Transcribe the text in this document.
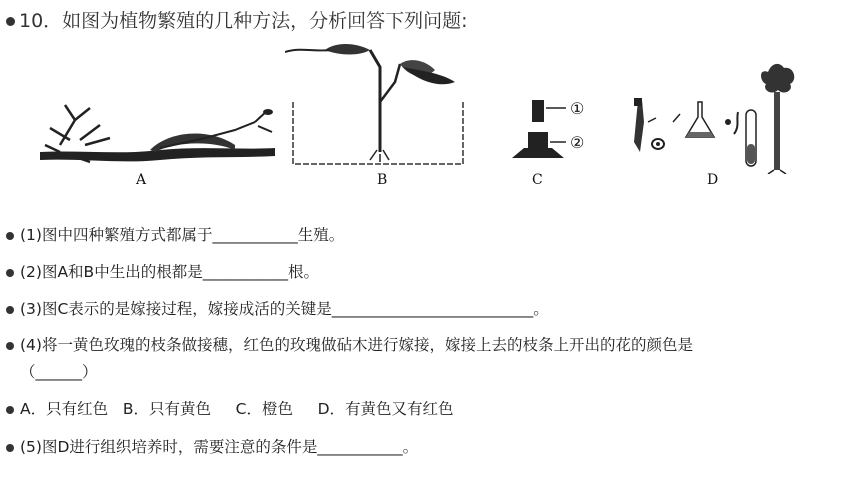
10．如图为植物繁殖的几种方法，分析回答下列问题:
A	B
①
②
C	D
(1)图中四种繁殖方式都属于___________生殖。
(2)图A和B中生出的根都是___________根。
(3)图C表示的是嫁接过程，嫁接成活的关键是__________________________。
(4)将一黄色玫瑰的枝条做接穗，红色的玫瑰做砧木进行嫁接，嫁接上去的枝条上开出的花的颜色是
（______）
A．只有红色   B．只有黄色     C．橙色     D．有黄色又有红色
(5)图D进行组织培养时，需要注意的条件是___________。
